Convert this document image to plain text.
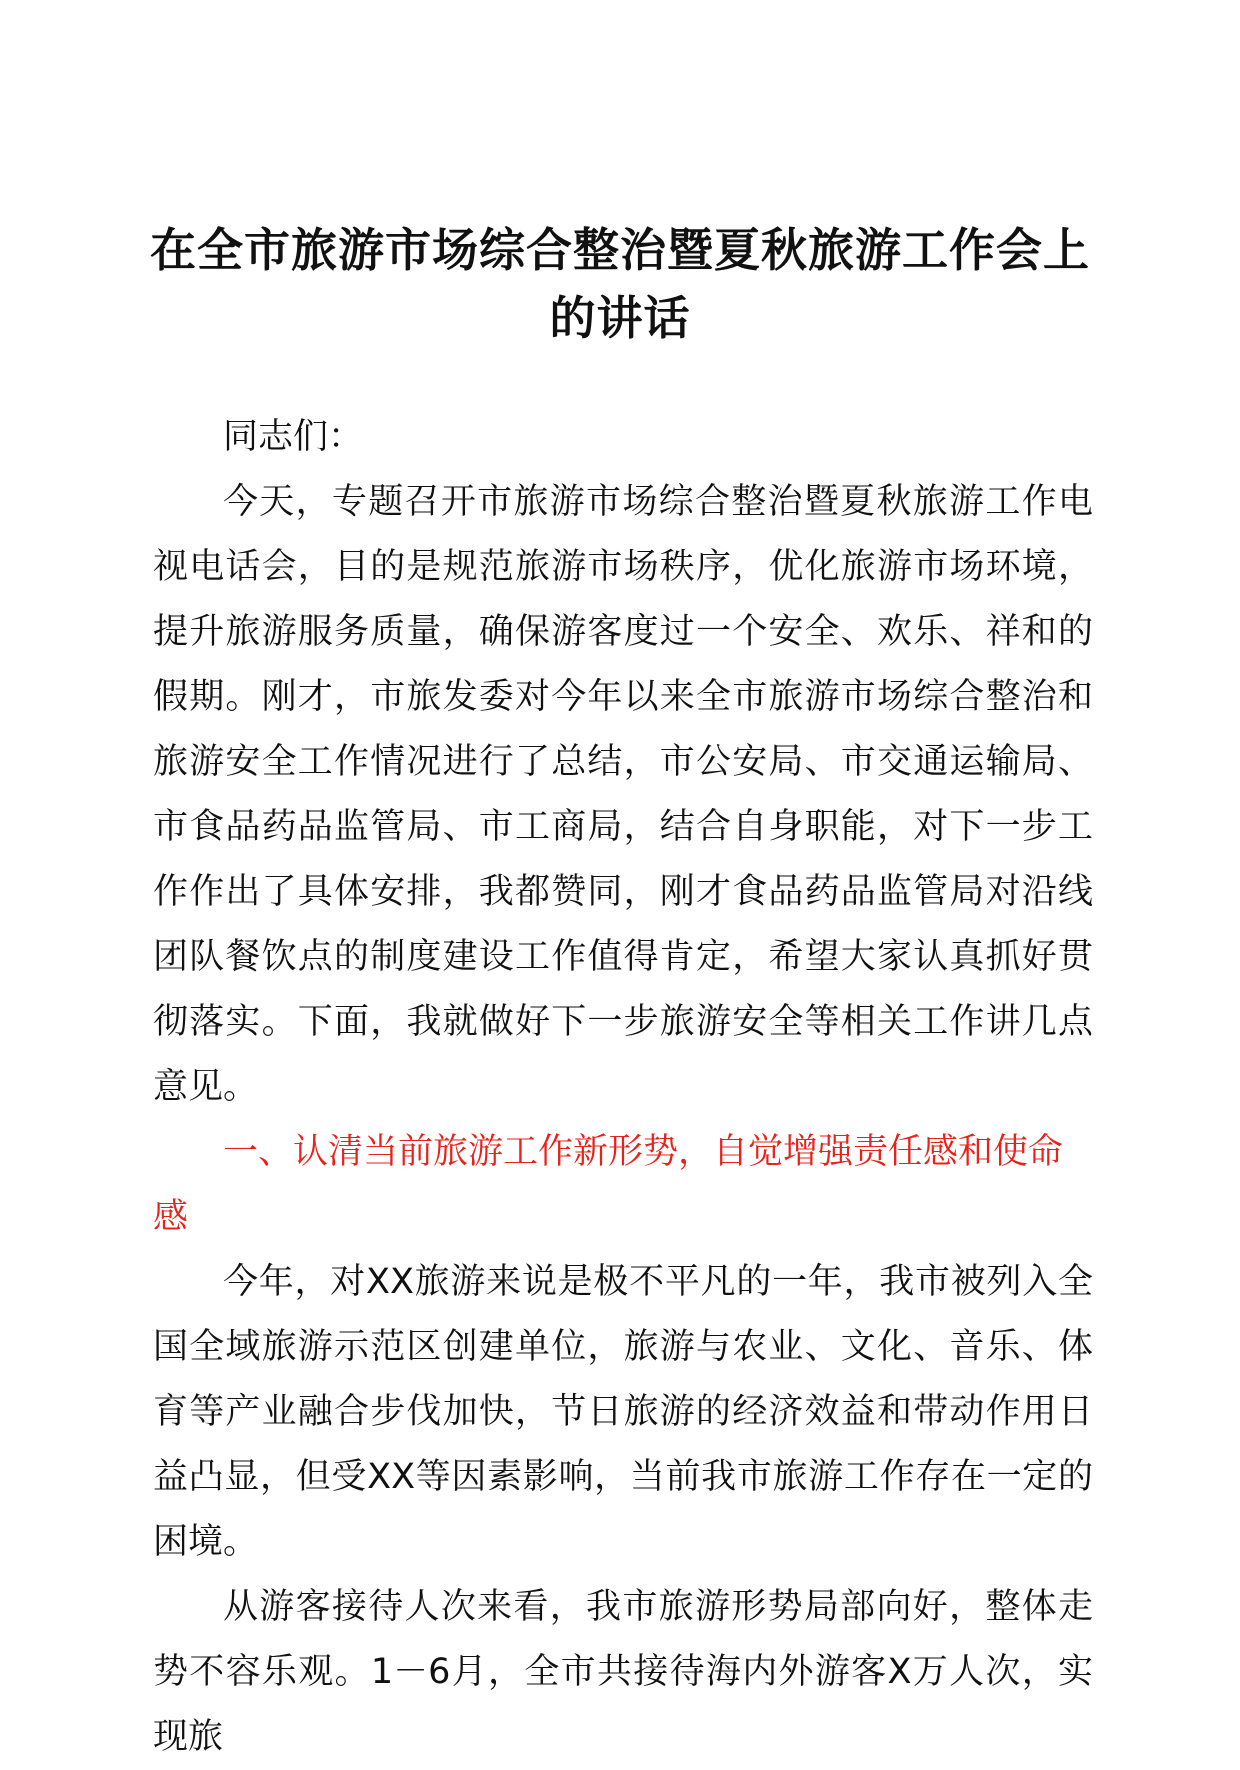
在全市旅游市场综合整治暨夏秋旅游工作会上的讲话

同志们：

今天，专题召开市旅游市场综合整治暨夏秋旅游工作电视电话会，目的是规范旅游市场秩序，优化旅游市场环境，提升旅游服务质量，确保游客度过一个安全、欢乐、祥和的假期。刚才，市旅发委对今年以来全市旅游市场综合整治和旅游安全工作情况进行了总结，市公安局、市交通运输局、市食品药品监管局、市工商局，结合自身职能，对下一步工作作出了具体安排，我都赞同，刚才食品药品监管局对沿线团队餐饮点的制度建设工作值得肯定，希望大家认真抓好贯彻落实。下面，我就做好下一步旅游安全等相关工作讲几点意见。

一、认清当前旅游工作新形势，自觉增强责任感和使命感

今年，对XX旅游来说是极不平凡的一年，我市被列入全国全域旅游示范区创建单位，旅游与农业、文化、音乐、体育等产业融合步伐加快，节日旅游的经济效益和带动作用日益凸显，但受XX等因素影响，当前我市旅游工作存在一定的困境。

从游客接待人次来看，我市旅游形势局部向好，整体走势不容乐观。1－6月，全市共接待海内外游客X万人次，实现旅
